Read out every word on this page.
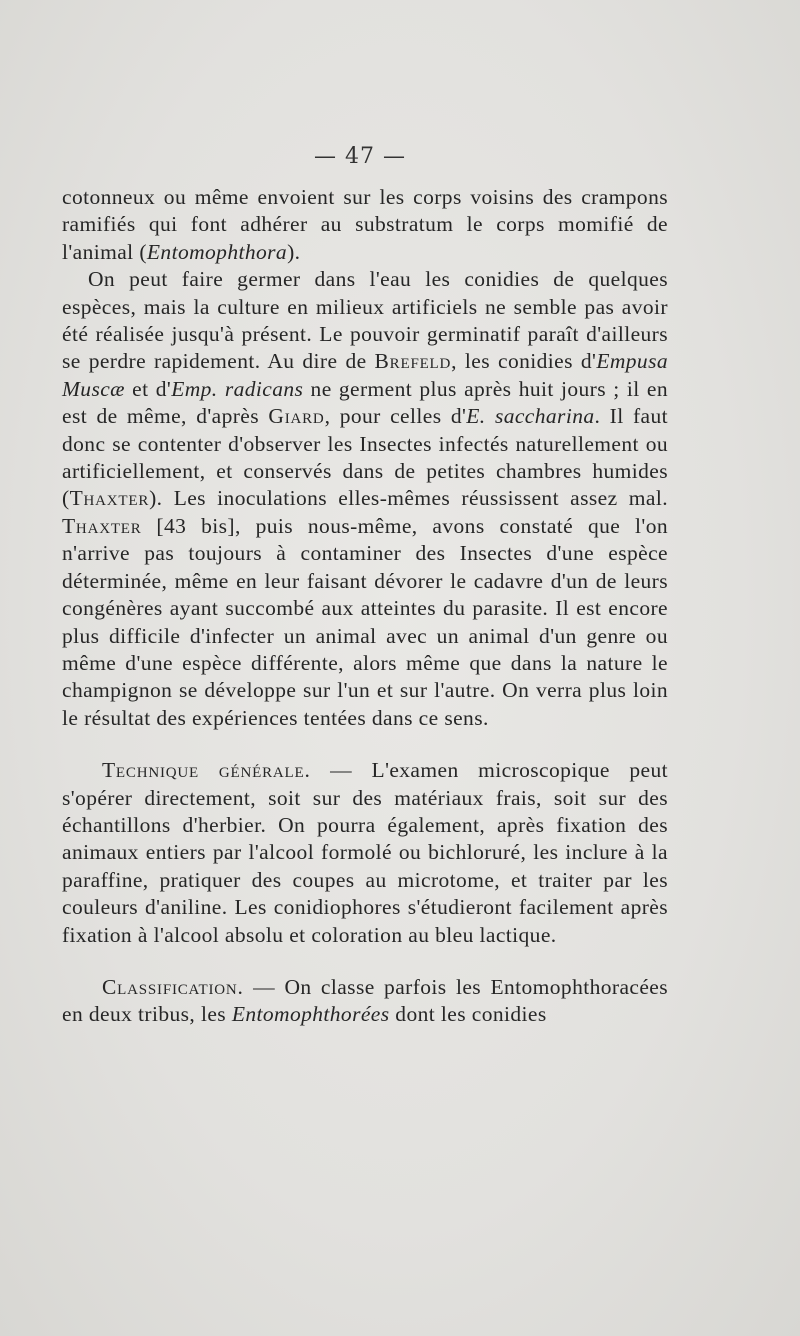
— 47 —

cotonneux ou même envoient sur les corps voisins des crampons ramifiés qui font adhérer au substratum le corps momifié de l'animal (Entomophthora).

On peut faire germer dans l'eau les conidies de quelques espèces, mais la culture en milieux artificiels ne semble pas avoir été réalisée jusqu'à présent. Le pouvoir germinatif paraît d'ailleurs se perdre rapidement. Au dire de Brefeld, les conidies d'Empusa Muscæ et d'Emp. radicans ne germent plus après huit jours ; il en est de même, d'après Giard, pour celles d'E. saccharina. Il faut donc se contenter d'observer les Insectes infectés naturellement ou artificiellement, et conservés dans de petites chambres humides (Thaxter). Les inoculations elles-mêmes réussissent assez mal. Thaxter [43 bis], puis nous-même, avons constaté que l'on n'arrive pas toujours à contaminer des Insectes d'une espèce déterminée, même en leur faisant dévorer le cadavre d'un de leurs congénères ayant succombé aux atteintes du parasite. Il est encore plus difficile d'infecter un animal avec un animal d'un genre ou même d'une espèce différente, alors même que dans la nature le champignon se développe sur l'un et sur l'autre. On verra plus loin le résultat des expériences tentées dans ce sens.

Technique générale. — L'examen microscopique peut s'opérer directement, soit sur des matériaux frais, soit sur des échantillons d'herbier. On pourra également, après fixation des animaux entiers par l'alcool formolé ou bichloruré, les inclure à la paraffine, pratiquer des coupes au microtome, et traiter par les couleurs d'aniline. Les conidiophores s'étudieront facilement après fixation à l'alcool absolu et coloration au bleu lactique.

Classification. — On classe parfois les Entomophthoracées en deux tribus, les Entomophthorées dont les conidies
